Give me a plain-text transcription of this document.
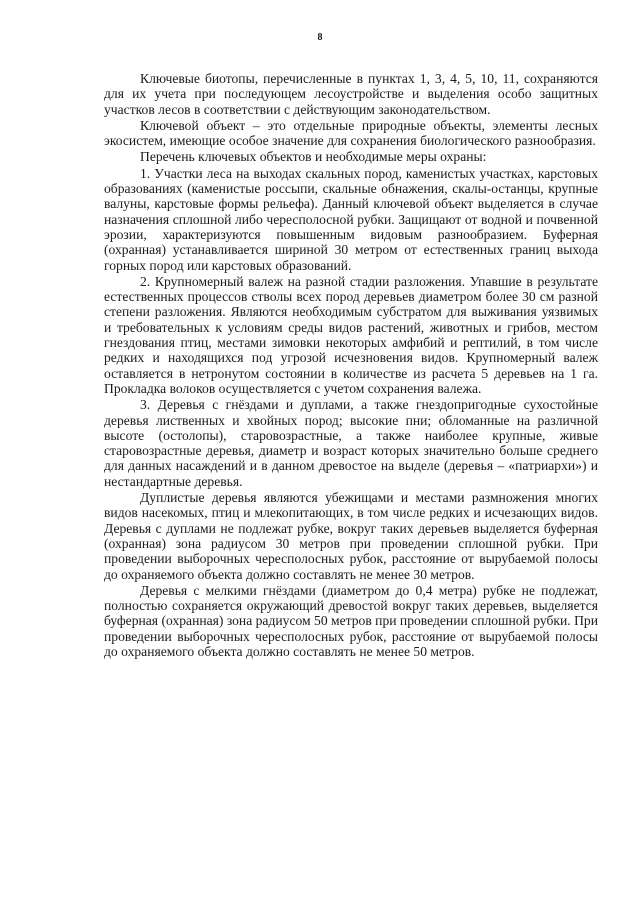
8

Ключевые биотопы, перечисленные в пунктах 1, 3, 4, 5, 10, 11, сохраняются для их учета при последующем лесоустройстве и выделения особо защитных участков лесов в соответствии с действующим законодательством.

Ключевой объект – это отдельные природные объекты, элементы лесных экосистем, имеющие особое значение для сохранения биологического разнообразия.

Перечень ключевых объектов и необходимые меры охраны:

1. Участки леса на выходах скальных пород, каменистых участках, карстовых образованиях (каменистые россыпи, скальные обнажения, скалы-останцы, крупные валуны, карстовые формы рельефа). Данный ключевой объект выделяется в случае назначения сплошной либо чересполосной рубки. Защищают от водной и почвенной эрозии, характеризуются повышенным видовым разнообразием. Буферная (охранная) устанавливается шириной 30 метром от естественных границ выхода горных пород или карстовых образований.

2. Крупномерный валеж на разной стадии разложения. Упавшие в результате естественных процессов стволы всех пород деревьев диаметром более 30 см разной степени разложения. Являются необходимым субстратом для выживания уязвимых и требовательных к условиям среды видов растений, животных и грибов, местом гнездования птиц, местами зимовки некоторых амфибий и рептилий, в том числе редких и находящихся под угрозой исчезновения видов. Крупномерный валеж оставляется в нетронутом состоянии в количестве из расчета 5 деревьев на 1 га. Прокладка волоков осуществляется с учетом сохранения валежа.

3. Деревья с гнёздами и дуплами, а также гнездопригодные сухостойные деревья лиственных и хвойных пород; высокие пни; обломанные на различной высоте (остолопы), старовозрастные, а также наиболее крупные, живые старовозрастные деревья, диаметр и возраст которых значительно больше среднего для данных насаждений и в данном древостое на выделе (деревья – «патриархи») и нестандартные деревья.

Дуплистые деревья являются убежищами и местами размножения многих видов насекомых, птиц и млекопитающих, в том числе редких и исчезающих видов. Деревья с дуплами не подлежат рубке, вокруг таких деревьев выделяется буферная (охранная) зона радиусом 30 метров при проведении сплошной рубки. При проведении выборочных чересполосных рубок, расстояние от вырубаемой полосы до охраняемого объекта должно составлять не менее 30 метров.

Деревья с мелкими гнёздами (диаметром до 0,4 метра) рубке не подлежат, полностью сохраняется окружающий древостой вокруг таких деревьев, выделяется буферная (охранная) зона радиусом 50 метров при проведении сплошной рубки. При проведении выборочных чересполосных рубок, расстояние от вырубаемой полосы до охраняемого объекта должно составлять не менее 50 метров.
